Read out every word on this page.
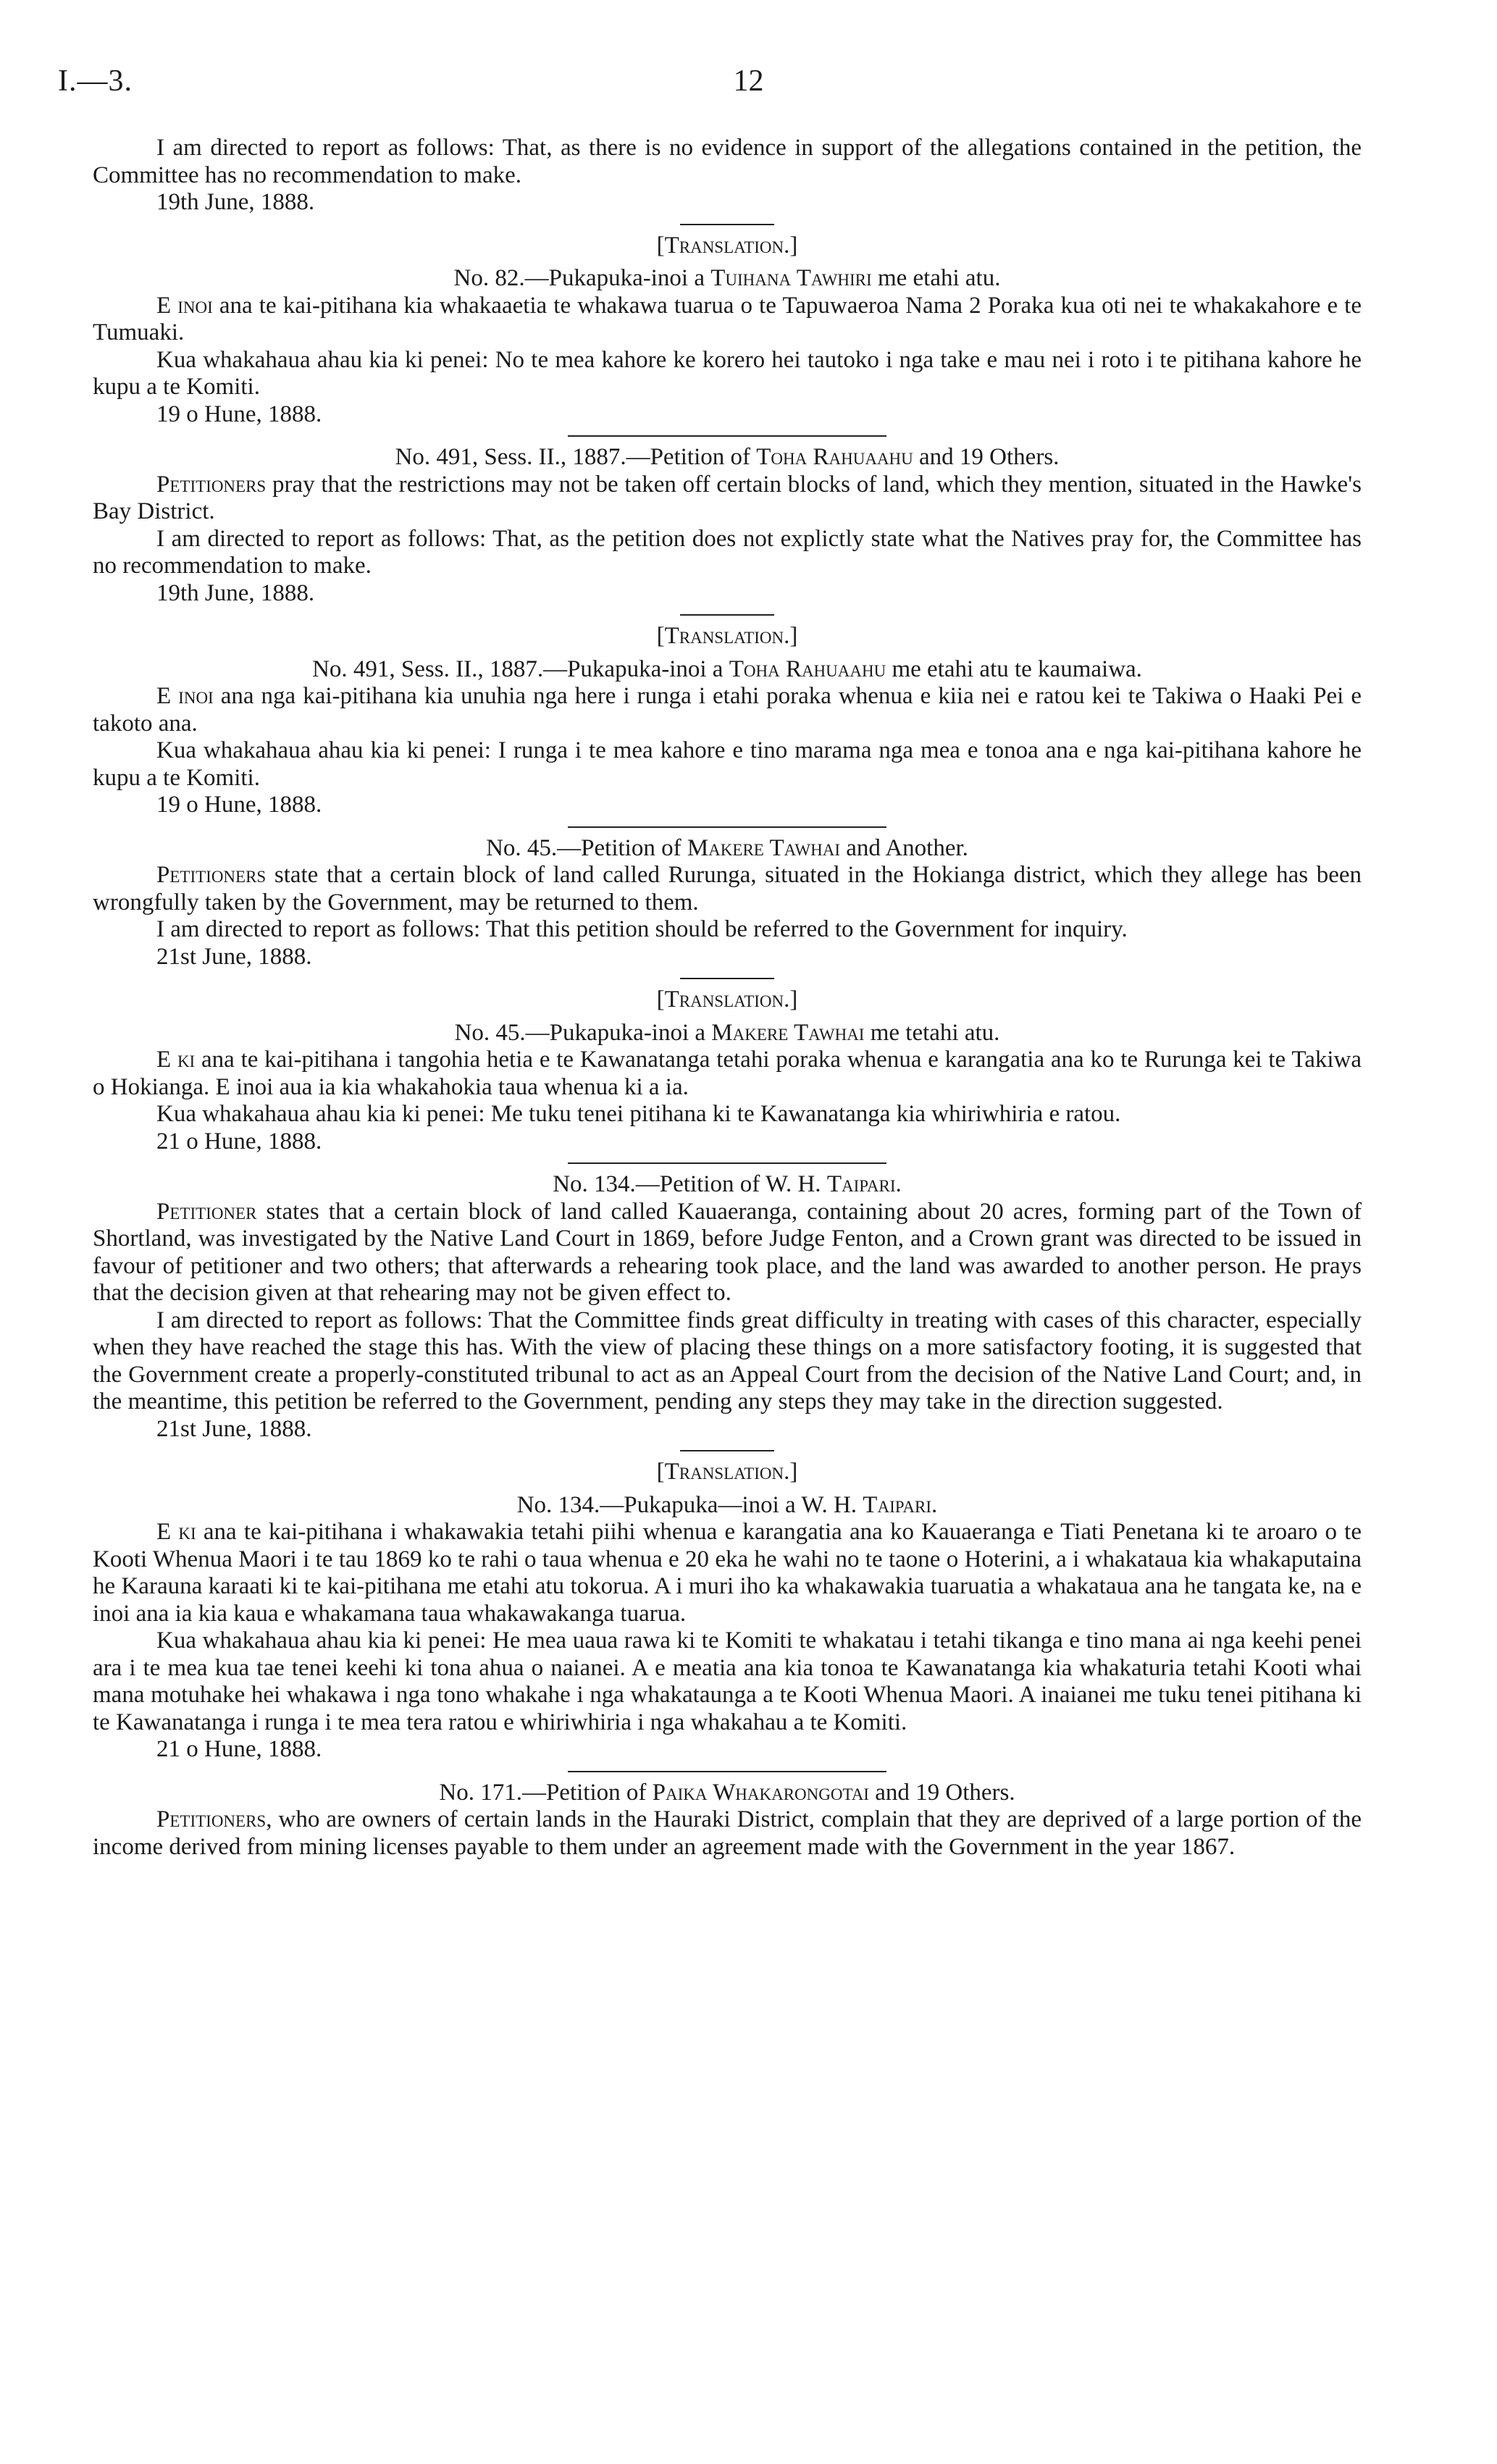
I.—3.	12

I am directed to report as follows: That, as there is no evidence in support of the allegations contained in the petition, the Committee has no recommendation to make.

19th June, 1888.

[Translation.]

No. 82.—Pukapuka-inoi a Tuihana Tawhiri me etahi atu.

E inoi ana te kai-pitihana kia whakaaetia te whakawa tuarua o te Tapuwaeroa Nama 2 Poraka kua oti nei te whakakahore e te Tumuaki.

Kua whakahaua ahau kia ki penei: No te mea kahore ke korero hei tautoko i nga take e mau nei i roto i te pitihana kahore he kupu a te Komiti.

19 o Hune, 1888.

No. 491, Sess. II., 1887.—Petition of Toha Rahuaahu and 19 Others.

Petitioners pray that the restrictions may not be taken off certain blocks of land, which they mention, situated in the Hawke's Bay District.

I am directed to report as follows: That, as the petition does not explictly state what the Natives pray for, the Committee has no recommendation to make.

19th June, 1888.

[Translation.]

No. 491, Sess. II., 1887.—Pukapuka-inoi a Toha Rahuaahu me etahi atu te kaumaiwa.

E inoi ana nga kai-pitihana kia unuhia nga here i runga i etahi poraka whenua e kiia nei e ratou kei te Takiwa o Haaki Pei e takoto ana.

Kua whakahaua ahau kia ki penei: I runga i te mea kahore e tino marama nga mea e tonoa ana e nga kai-pitihana kahore he kupu a te Komiti.

19 o Hune, 1888.

No. 45.—Petition of Makere Tawhai and Another.

Petitioners state that a certain block of land called Rurunga, situated in the Hokianga district, which they allege has been wrongfully taken by the Government, may be returned to them.

I am directed to report as follows: That this petition should be referred to the Government for inquiry.

21st June, 1888.

[Translation.]

No. 45.—Pukapuka-inoi a Makere Tawhai me tetahi atu.

E ki ana te kai-pitihana i tangohia hetia e te Kawanatanga tetahi poraka whenua e karangatia ana ko te Rurunga kei te Takiwa o Hokianga. E inoi aua ia kia whakahokia taua whenua ki a ia.

Kua whakahaua ahau kia ki penei: Me tuku tenei pitihana ki te Kawanatanga kia whiriwhiria e ratou.

21 o Hune, 1888.

No. 134.—Petition of W. H. Taipari.

Petitioner states that a certain block of land called Kauaeranga, containing about 20 acres, forming part of the Town of Shortland, was investigated by the Native Land Court in 1869, before Judge Fenton, and a Crown grant was directed to be issued in favour of petitioner and two others; that afterwards a rehearing took place, and the land was awarded to another person. He prays that the decision given at that rehearing may not be given effect to.

I am directed to report as follows: That the Committee finds great difficulty in treating with cases of this character, especially when they have reached the stage this has. With the view of placing these things on a more satisfactory footing, it is suggested that the Government create a properly-constituted tribunal to act as an Appeal Court from the decision of the Native Land Court; and, in the meantime, this petition be referred to the Government, pending any steps they may take in the direction suggested.

21st June, 1888.

[Translation.]

No. 134.—Pukapuka—inoi a W. H. Taipari.

E ki ana te kai-pitihana i whakawakia tetahi piihi whenua e karangatia ana ko Kauaeranga e Tiati Penetana ki te aroaro o te Kooti Whenua Maori i te tau 1869 ko te rahi o taua whenua e 20 eka he wahi no te taone o Hoterini, a i whakataua kia whakaputaina he Karauna karaati ki te kai-pitihana me etahi atu tokorua. A i muri iho ka whakawakia tuaruatia a whakataua ana he tangata ke, na e inoi ana ia kia kaua e whakamana taua whakawakanga tuarua.

Kua whakahaua ahau kia ki penei: He mea uaua rawa ki te Komiti te whakatau i tetahi tikanga e tino mana ai nga keehi penei ara i te mea kua tae tenei keehi ki tona ahua o naianei. A e meatia ana kia tonoa te Kawanatanga kia whakaturia tetahi Kooti whai mana motuhake hei whakawa i nga tono whakahe i nga whakataunga a te Kooti Whenua Maori. A inaianei me tuku tenei pitihana ki te Kawanatanga i runga i te mea tera ratou e whiriwhiria i nga whakahau a te Komiti.

21 o Hune, 1888.

No. 171.—Petition of Paika Whakarongotai and 19 Others.

Petitioners, who are owners of certain lands in the Hauraki District, complain that they are deprived of a large portion of the income derived from mining licenses payable to them under an agreement made with the Government in the year 1867.
